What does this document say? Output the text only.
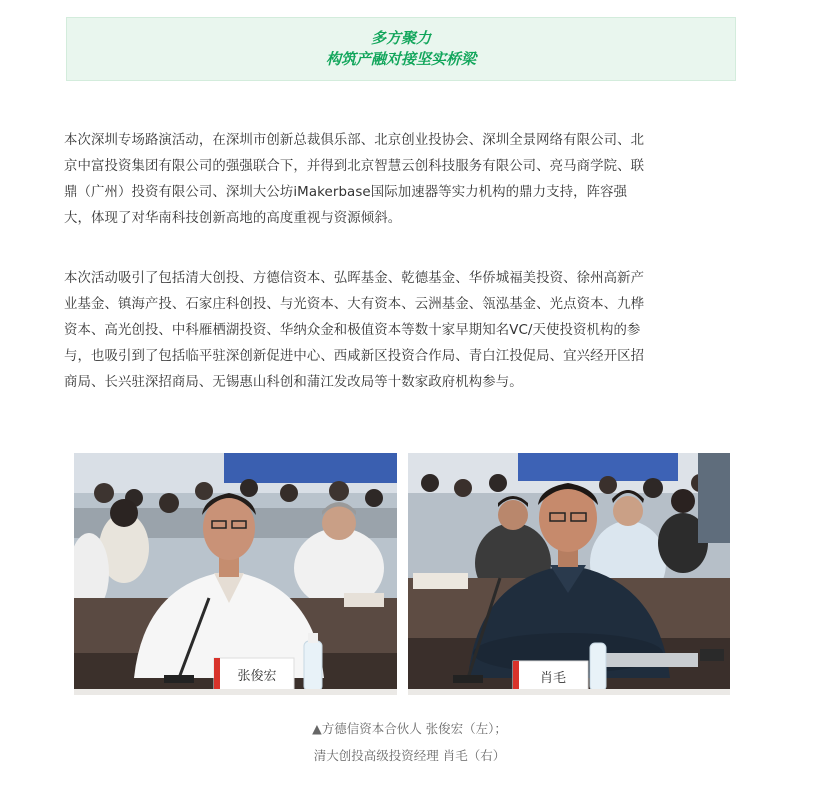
多方聚力
构筑产融对接坚实桥梁

本次深圳专场路演活动，在深圳市创新总裁俱乐部、北京创业投协会、深圳全景网络有限公司、北
京中富投资集团有限公司的强强联合下，并得到北京智慧云创科技服务有限公司、亮马商学院、联
鼎（广州）投资有限公司、深圳大公坊iMakerbase国际加速器等实力机构的鼎力支持，阵容强
大，体现了对华南科技创新高地的高度重视与资源倾斜。

本次活动吸引了包括清大创投、方德信资本、弘晖基金、乾德基金、华侨城福美投资、徐州高新产
业基金、镇海产投、石家庄科创投、与光资本、大有资本、云洲基金、瓴泓基金、光点资本、九桦
资本、高光创投、中科雁栖湖投资、华纳众金和极值资本等数十家早期知名VC/天使投资机构的参
与，也吸引到了包括临平驻深创新促进中心、西咸新区投资合作局、青白江投促局、宜兴经开区招
商局、长兴驻深招商局、无锡惠山科创和蒲江发改局等十数家政府机构参与。

张俊宏	肖毛
▲方德信资本合伙人 张俊宏（左）；
清大创投高级投资经理 肖毛（右）
